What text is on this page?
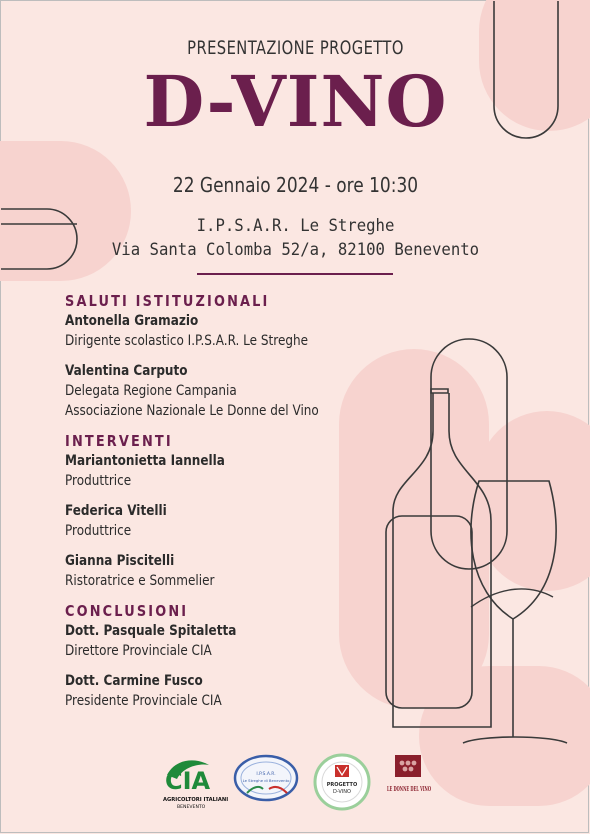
PRESENTAZIONE PROGETTO
D-VINO
22 Gennaio 2024 - ore 10:30
I.P.S.A.R. Le Streghe
Via Santa Colomba 52/a, 82100 Benevento
SALUTI ISTITUZIONALI
Antonella Gramazio
Dirigente scolastico I.P.S.A.R. Le Streghe
Valentina Carputo
Delegata Regione Campania
Associazione Nazionale Le Donne del Vino
INTERVENTI
Mariantonietta Iannella
Produttrice
Federica Vitelli
Produttrice
Gianna Piscitelli
Ristoratrice e Sommelier
CONCLUSIONI
Dott. Pasquale Spitaletta
Direttore Provinciale CIA
Dott. Carmine Fusco
Presidente Provinciale CIA
CIA
AGRICOLTORI ITALIANI
BENEVENTO
I.P.S.A.R.
Le Streghe di Benevento
PROGETTO
D-VINO	LE DONNE DEL VINO
